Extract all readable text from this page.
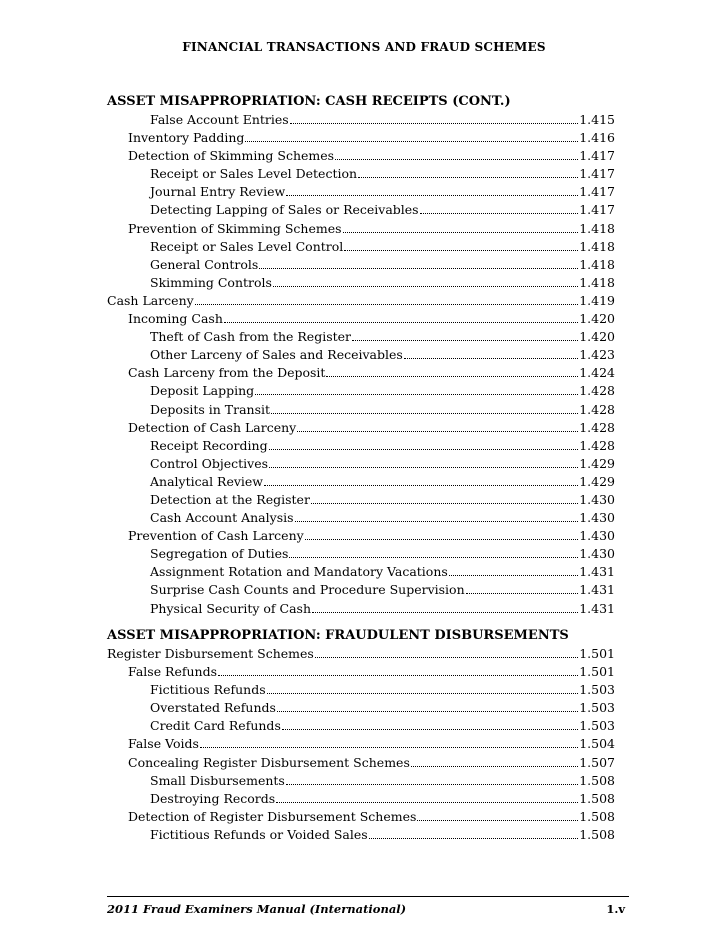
FINANCIAL TRANSACTIONS AND FRAUD SCHEMES
ASSET MISAPPROPRIATION: CASH RECEIPTS (CONT.)
False Account Entries	1.415
Inventory Padding	1.416
Detection of Skimming Schemes	1.417
Receipt or Sales Level Detection	1.417
Journal Entry Review	1.417
Detecting Lapping of Sales or Receivables	1.417
Prevention of Skimming Schemes	1.418
Receipt or Sales Level Control	1.418
General Controls	1.418
Skimming Controls	1.418
Cash Larceny	1.419
Incoming Cash	1.420
Theft of Cash from the Register	1.420
Other Larceny of Sales and Receivables	1.423
Cash Larceny from the Deposit	1.424
Deposit Lapping	1.428
Deposits in Transit	1.428
Detection of Cash Larceny	1.428
Receipt Recording	1.428
Control Objectives	1.429
Analytical Review	1.429
Detection at the Register	1.430
Cash Account Analysis	1.430
Prevention of Cash Larceny	1.430
Segregation of Duties	1.430
Assignment Rotation and Mandatory Vacations	1.431
Surprise Cash Counts and Procedure Supervision	1.431
Physical Security of Cash	1.431
ASSET MISAPPROPRIATION: FRAUDULENT DISBURSEMENTS
Register Disbursement Schemes	1.501
False Refunds	1.501
Fictitious Refunds	1.503
Overstated Refunds	1.503
Credit Card Refunds	1.503
False Voids	1.504
Concealing Register Disbursement Schemes	1.507
Small Disbursements	1.508
Destroying Records	1.508
Detection of Register Disbursement Schemes	1.508
Fictitious Refunds or Voided Sales	1.508
2011 Fraud Examiners Manual (International)	1.v
